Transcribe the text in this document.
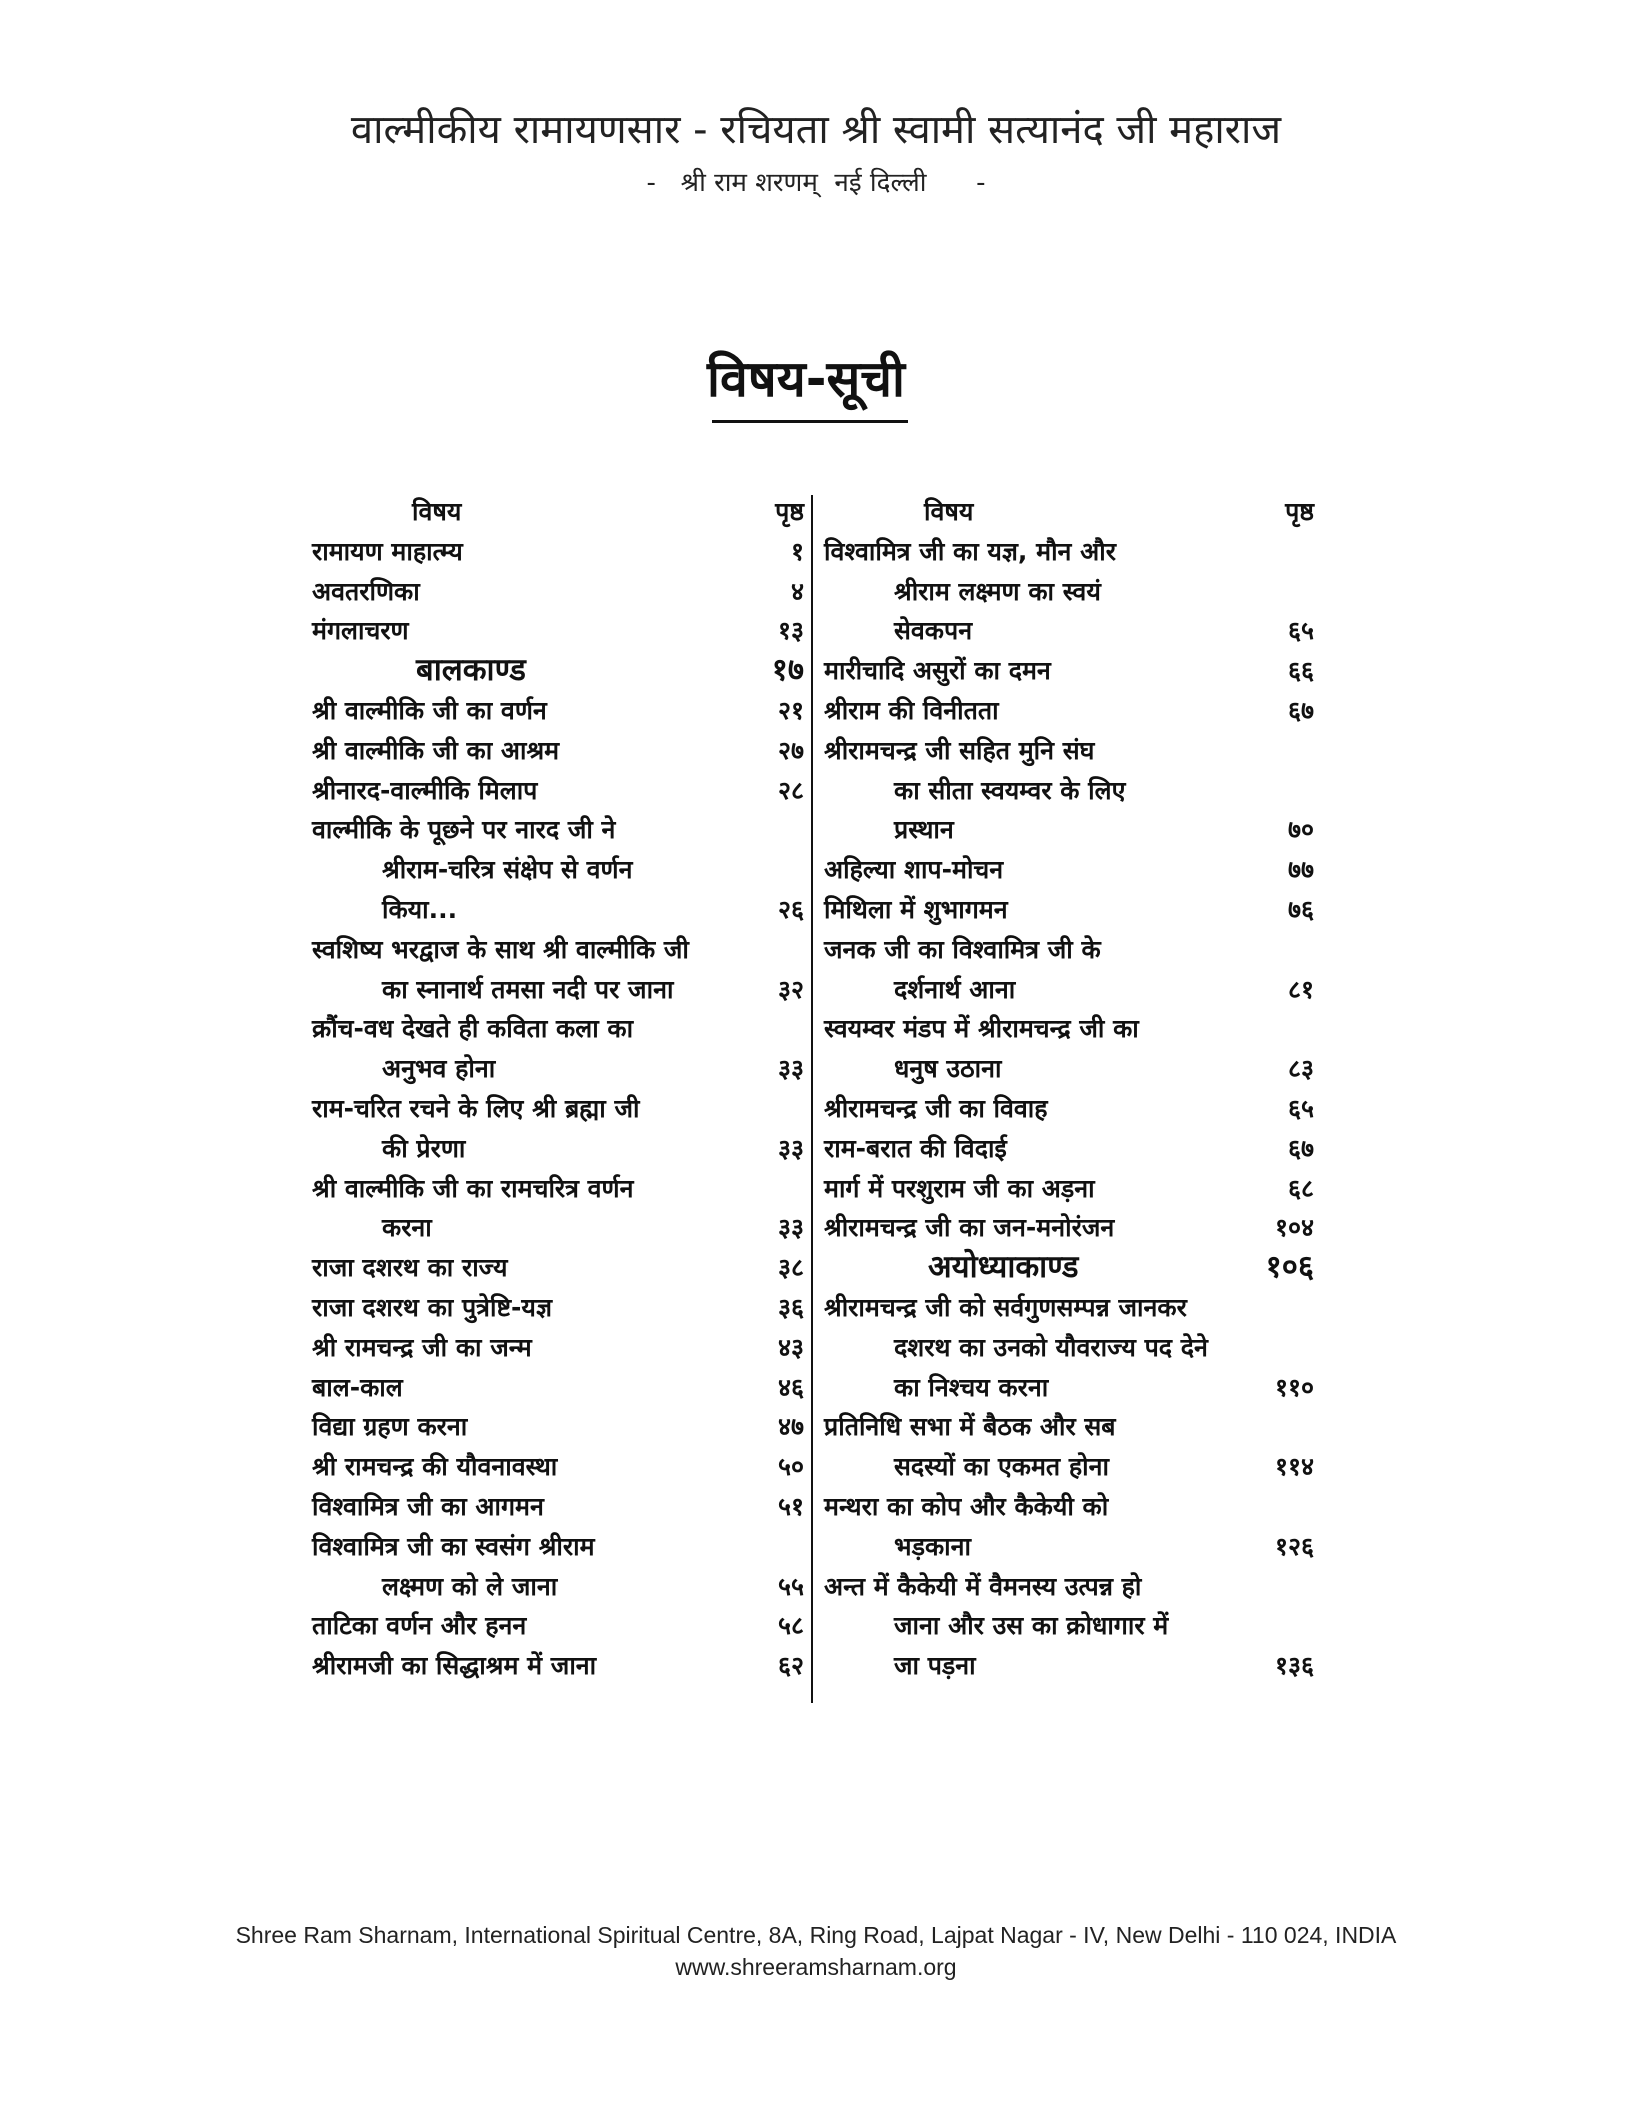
वाल्मीकीय रामायणसार - रचियता श्री स्वामी सत्यानंद जी महाराज
-   श्री राम शरणम्  नई दिल्ली      -
विषय-सूची
विषय	पृष्ठ
रामायण माहात्म्य	१
अवतरणिका	४
मंगलाचरण	१३
बालकाण्ड	१७
श्री वाल्मीकि जी का वर्णन	२१
श्री वाल्मीकि जी का आश्रम	२७
श्रीनारद-वाल्मीकि मिलाप	२८
वाल्मीकि के पूछने पर नारद जी ने
श्रीराम-चरित्र संक्षेप से वर्णन
किया...	२६
स्वशिष्य भरद्वाज के साथ श्री वाल्मीकि जी
का स्नानार्थ तमसा नदी पर जाना	३२
क्रौंच-वध देखते ही कविता कला का
अनुभव होना	३३
राम-चरित रचने के लिए श्री ब्रह्मा जी
की प्रेरणा	३३
श्री वाल्मीकि जी का रामचरित्र वर्णन
करना	३३
राजा दशरथ का राज्य	३८
राजा दशरथ का पुत्रेष्टि-यज्ञ	३६
श्री रामचन्द्र जी का जन्म	४३
बाल-काल	४६
विद्या ग्रहण करना	४७
श्री रामचन्द्र की यौवनावस्था	५०
विश्वामित्र जी का आगमन	५१
विश्वामित्र जी का स्वसंग श्रीराम
लक्ष्मण को ले जाना	५५
ताटिका वर्णन और हनन	५८
श्रीरामजी का सिद्धाश्रम में जाना	६२
विषय	पृष्ठ
विश्वामित्र जी का यज्ञ, मौन और
श्रीराम लक्ष्मण का स्वयं
सेवकपन	६५
मारीचादि असुरों का दमन	६६
श्रीराम की विनीतता	६७
श्रीरामचन्द्र जी सहित मुनि संघ
का सीता स्वयम्वर के लिए
प्रस्थान	७०
अहिल्या शाप-मोचन	७७
मिथिला में शुभागमन	७६
जनक जी का विश्वामित्र जी के
दर्शनार्थ आना	८१
स्वयम्वर मंडप में श्रीरामचन्द्र जी का
धनुष उठाना	८३
श्रीरामचन्द्र जी का विवाह	६५
राम-बरात की विदाई	६७
मार्ग में परशुराम जी का अड़ना	६८
श्रीरामचन्द्र जी का जन-मनोरंजन	१०४
अयोध्याकाण्ड	१०६
श्रीरामचन्द्र जी को सर्वगुणसम्पन्न जानकर
दशरथ का उनको यौवराज्य पद देने
का निश्चय करना	११०
प्रतिनिधि सभा में बैठक और सब
सदस्यों का एकमत होना	११४
मन्थरा का कोप और कैकेयी को
भड़काना	१२६
अन्त में कैकेयी में वैमनस्य उत्पन्न हो
जाना और उस का क्रोधागार में
जा पड़ना	१३६
Shree Ram Sharnam, International Spiritual Centre, 8A, Ring Road, Lajpat Nagar - IV, New Delhi - 110 024, INDIA
www.shreeramsharnam.org
